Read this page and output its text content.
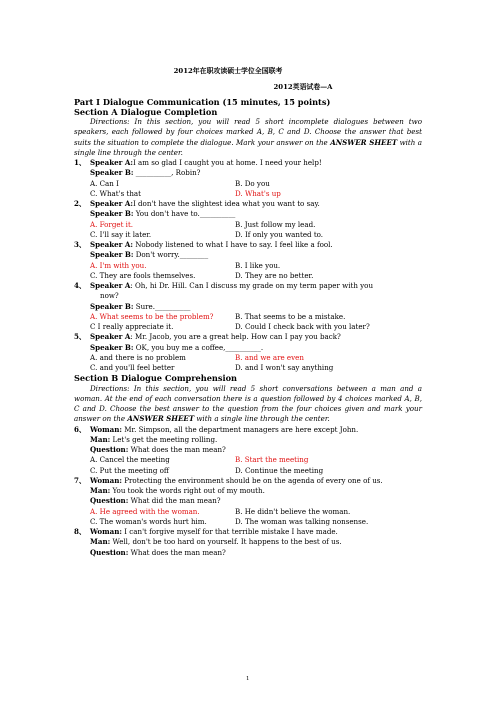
2012年在职攻读硕士学位全国联考
2012英语试卷—A
Part I Dialogue Communication (15 minutes, 15 points)
Section A Dialogue Completion
Directions: In this section, you will read 5 short incomplete dialogues between two speakers, each followed by four choices marked A, B, C and D. Choose the answer that best suits the situation to complete the dialogue. Mark your answer on the ANSWER SHEET with a single line through the center.
1、 Speaker A:I am so glad I caught you at home. I need your help!
Speaker B: __________, Robin?
A. Can I	B. Do you
C. What's that	D. What's up
2、 Speaker A:I don't have the slightest idea what you want to say.
Speaker B: You don't have to.__________
A. Forget it.	B. Just follow my lead.
C. I'll say it later.	D. If only you wanted to.
3、 Speaker A: Nobody listened to what I have to say. I feel like a fool.
Speaker B: Don't worry.________
A. I'm with you.	B. I like you.
C. They are fools themselves.	D. They are no better.
4、 Speaker A: Oh, hi Dr. Hill. Can I discuss my grade on my term paper with you
now?
Speaker B: Sure.__________
A. What seems to be the problem?	B. That seems to be a mistake.
C I really appreciate it.	D. Could I check back with you later?
5、 Speaker A: Mr. Jacob, you are a great help. How can I pay you back?
Speaker B: OK, you buy me a coffee,__________.
A. and there is no problem	B. and we are even
C. and you'll feel better	D. and I won't say anything
Section B Dialogue Comprehension
Directions: In this section, you will read 5 short conversations between a man and a woman. At the end of each conversation there is a question followed by 4 choices marked A, B, C and D. Choose the best answer to the question from the four choices given and mark your answer on the ANSWER SHEET with a single line through the center.
6、 Woman: Mr. Simpson, all the department managers are here except John.
Man: Let's get the meeting rolling.
Question: What does the man mean?
A. Cancel the meeting	B. Start the meeting
C. Put the meeting off	D. Continue the meeting
7、 Woman: Protecting the environment should be on the agenda of every one of us.
Man: You took the words right out of my mouth.
Question: What did the man mean?
A. He agreed with the woman.	B. He didn't believe the woman.
C. The woman's words hurt him.	D. The woman was talking nonsense.
8、 Woman: I can't forgive myself for that terrible mistake I have made.
Man: Well, don't be too hard on yourself. It happens to the best of us.
Question: What does the man mean?
1
